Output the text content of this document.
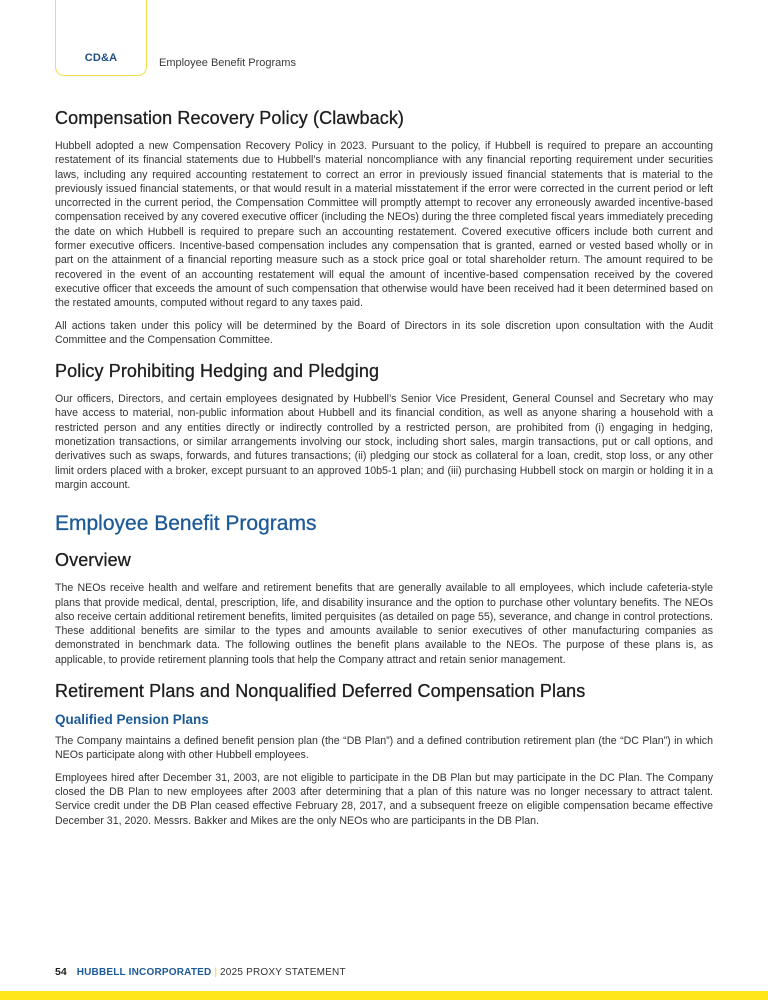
CD&A	Employee Benefit Programs
Compensation Recovery Policy (Clawback)

Hubbell adopted a new Compensation Recovery Policy in 2023. Pursuant to the policy, if Hubbell is required to prepare an accounting restatement of its financial statements due to Hubbell’s material noncompliance with any financial reporting requirement under securities laws, including any required accounting restatement to correct an error in previously issued financial statements that is material to the previously issued financial statements, or that would result in a material misstatement if the error were corrected in the current period or left uncorrected in the current period, the Compensation Committee will promptly attempt to recover any erroneously awarded incentive-based compensation received by any covered executive officer (including the NEOs) during the three completed fiscal years immediately preceding the date on which Hubbell is required to prepare such an accounting restatement. Covered executive officers include both current and former executive officers. Incentive-based compensation includes any compensation that is granted, earned or vested based wholly or in part on the attainment of a financial reporting measure such as a stock price goal or total shareholder return. The amount required to be recovered in the event of an accounting restatement will equal the amount of incentive-based compensation received by the covered executive officer that exceeds the amount of such compensation that otherwise would have been received had it been determined based on the restated amounts, computed without regard to any taxes paid.

All actions taken under this policy will be determined by the Board of Directors in its sole discretion upon consultation with the Audit Committee and the Compensation Committee.

Policy Prohibiting Hedging and Pledging

Our officers, Directors, and certain employees designated by Hubbell’s Senior Vice President, General Counsel and Secretary who may have access to material, non-public information about Hubbell and its financial condition, as well as anyone sharing a household with a restricted person and any entities directly or indirectly controlled by a restricted person, are prohibited from (i) engaging in hedging, monetization transactions, or similar arrangements involving our stock, including short sales, margin transactions, put or call options, and derivatives such as swaps, forwards, and futures transactions; (ii) pledging our stock as collateral for a loan, credit, stop loss, or any other limit orders placed with a broker, except pursuant to an approved 10b5-1 plan; and (iii) purchasing Hubbell stock on margin or holding it in a margin account.

Employee Benefit Programs
Overview

The NEOs receive health and welfare and retirement benefits that are generally available to all employees, which include cafeteria-style plans that provide medical, dental, prescription, life, and disability insurance and the option to purchase other voluntary benefits. The NEOs also receive certain additional retirement benefits, limited perquisites (as detailed on page 55), severance, and change in control protections. These additional benefits are similar to the types and amounts available to senior executives of other manufacturing companies as demonstrated in benchmark data. The following outlines the benefit plans available to the NEOs. The purpose of these plans is, as applicable, to provide retirement planning tools that help the Company attract and retain senior management.

Retirement Plans and Nonqualified Deferred Compensation Plans
Qualified Pension Plans

The Company maintains a defined benefit pension plan (the “DB Plan”) and a defined contribution retirement plan (the “DC Plan”) in which NEOs participate along with other Hubbell employees.

Employees hired after December 31, 2003, are not eligible to participate in the DB Plan but may participate in the DC Plan. The Company closed the DB Plan to new employees after 2003 after determining that a plan of this nature was no longer necessary to attract talent. Service credit under the DB Plan ceased effective February 28, 2017, and a subsequent freeze on eligible compensation became effective December 31, 2020. Messrs. Bakker and Mikes are the only NEOs who are participants in the DB Plan.

54 HUBBELL INCORPORATED | 2025 PROXY STATEMENT
